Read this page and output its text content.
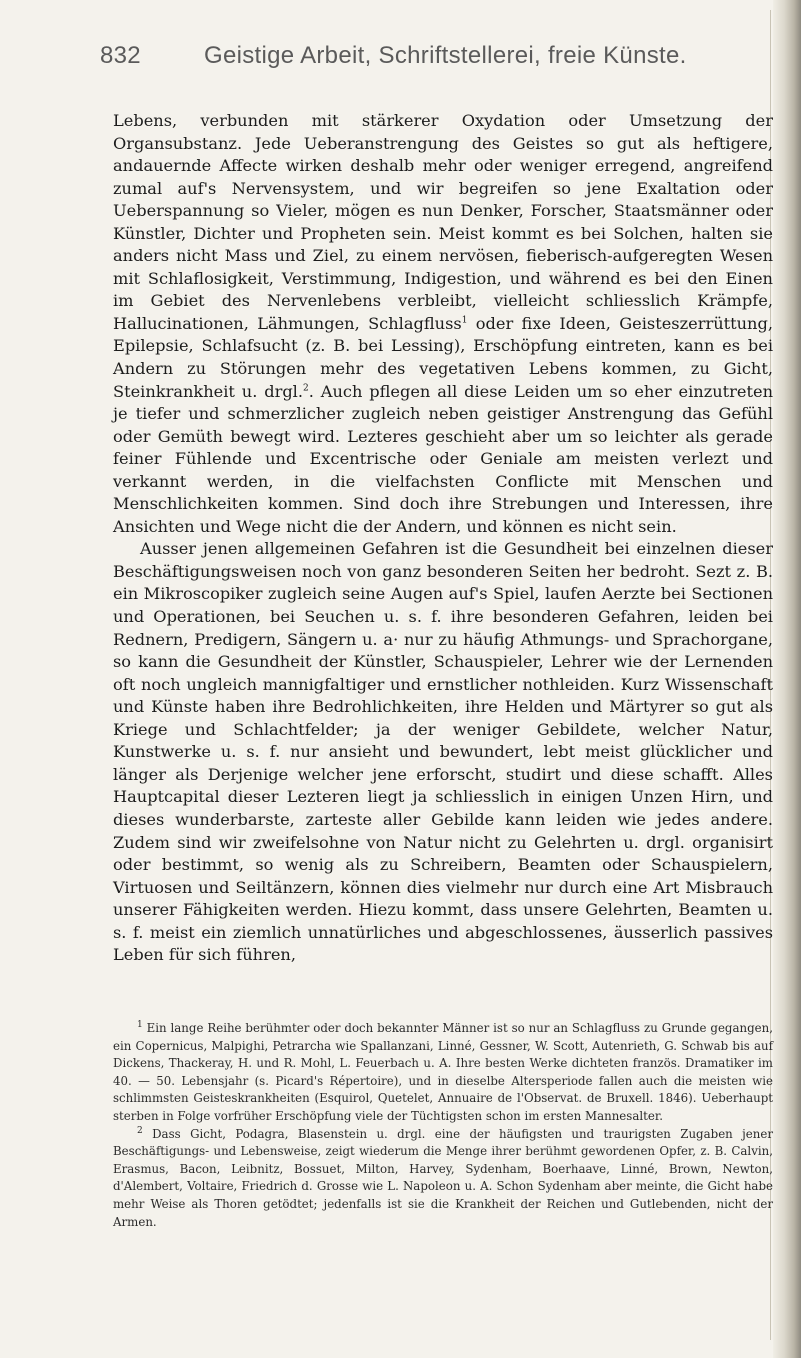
832	Geistige Arbeit, Schriftstellerei, freie Künste.

Lebens, verbunden mit stärkerer Oxydation oder Umsetzung der Organsubstanz. Jede Ueberanstrengung des Geistes so gut als heftigere, andauernde Affecte wirken deshalb mehr oder weniger erregend, angreifend zumal auf's Nervensystem, und wir begreifen so jene Exaltation oder Ueberspannung so Vieler, mögen es nun Denker, Forscher, Staatsmänner oder Künstler, Dichter und Propheten sein. Meist kommt es bei Solchen, halten sie anders nicht Mass und Ziel, zu einem nervösen, fieberisch-aufgeregten Wesen mit Schlaflosigkeit, Verstimmung, Indigestion, und während es bei den Einen im Gebiet des Nervenlebens verbleibt, vielleicht schliesslich Krämpfe, Hallucinationen, Lähmungen, Schlagfluss$^1$ oder fixe Ideen, Geisteszerrüttung, Epilepsie, Schlafsucht (z. B. bei Lessing), Erschöpfung eintreten, kann es bei Andern zu Störungen mehr des vegetativen Lebens kommen, zu Gicht, Steinkrankheit u. drgl.$^2$. Auch pflegen all diese Leiden um so eher einzutreten je tiefer und schmerzlicher zugleich neben geistiger Anstrengung das Gefühl oder Gemüth bewegt wird. Lezteres geschieht aber um so leichter als gerade feiner Fühlende und Excentrische oder Geniale am meisten verlezt und verkannt werden, in die vielfachsten Conflicte mit Menschen und Menschlichkeiten kommen. Sind doch ihre Strebungen und Interessen, ihre Ansichten und Wege nicht die der Andern, und können es nicht sein.

Ausser jenen allgemeinen Gefahren ist die Gesundheit bei einzelnen dieser Beschäftigungsweisen noch von ganz besonderen Seiten her bedroht. Sezt z. B. ein Mikroscopiker zugleich seine Augen auf's Spiel, laufen Aerzte bei Sectionen und Operationen, bei Seuchen u. s. f. ihre besonderen Gefahren, leiden bei Rednern, Predigern, Sängern u. a· nur zu häufig Athmungs- und Sprachorgane, so kann die Gesundheit der Künstler, Schauspieler, Lehrer wie der Lernenden oft noch ungleich mannigfaltiger und ernstlicher nothleiden. Kurz Wissenschaft und Künste haben ihre Bedrohlichkeiten, ihre Helden und Märtyrer so gut als Kriege und Schlachtfelder; ja der weniger Gebildete, welcher Natur, Kunstwerke u. s. f. nur ansieht und bewundert, lebt meist glücklicher und länger als Derjenige welcher jene erforscht, studirt und diese schafft. Alles Hauptcapital dieser Lezteren liegt ja schliesslich in einigen Unzen Hirn, und dieses wunderbarste, zarteste aller Gebilde kann leiden wie jedes andere. Zudem sind wir zweifelsohne von Natur nicht zu Gelehrten u. drgl. organisirt oder bestimmt, so wenig als zu Schreibern, Beamten oder Schauspielern, Virtuosen und Seiltänzern, können dies vielmehr nur durch eine Art Misbrauch unserer Fähigkeiten werden. Hiezu kommt, dass unsere Gelehrten, Beamten u. s. f. meist ein ziemlich unnatürliches und abgeschlossenes, äusserlich passives Leben für sich führen,

$^1$ Ein lange Reihe berühmter oder doch bekannter Männer ist so nur an Schlagfluss zu Grunde gegangen, ein Copernicus, Malpighi, Petrarcha wie Spallanzani, Linné, Gessner, W. Scott, Autenrieth, G. Schwab bis auf Dickens, Thackeray, H. und R. Mohl, L. Feuerbach u. A. Ihre besten Werke dichteten französ. Dramatiker im 40. — 50. Lebensjahr (s. Picard's Répertoire), und in dieselbe Altersperiode fallen auch die meisten wie schlimmsten Geisteskrankheiten (Esquirol, Quetelet, Annuaire de l'Observat. de Bruxell. 1846). Ueberhaupt sterben in Folge vorfrüher Erschöpfung viele der Tüchtigsten schon im ersten Mannesalter.

$^2$ Dass Gicht, Podagra, Blasenstein u. drgl. eine der häufigsten und traurigsten Zugaben jener Beschäftigungs- und Lebensweise, zeigt wiederum die Menge ihrer berühmt gewordenen Opfer, z. B. Calvin, Erasmus, Bacon, Leibnitz, Bossuet, Milton, Harvey, Sydenham, Boerhaave, Linné, Brown, Newton, d'Alembert, Voltaire, Friedrich d. Grosse wie L. Napoleon u. A. Schon Sydenham aber meinte, die Gicht habe mehr Weise als Thoren getödtet; jedenfalls ist sie die Krankheit der Reichen und Gutlebenden, nicht der Armen.
